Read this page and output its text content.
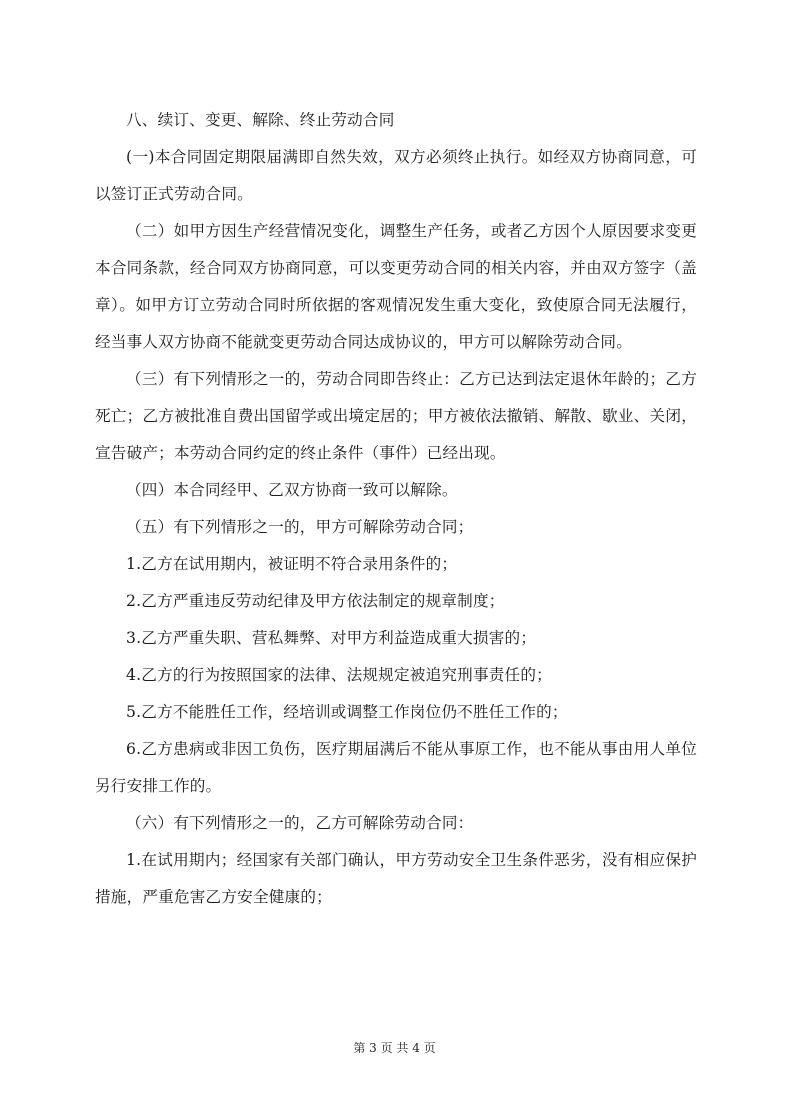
八、续订、变更、解除、终止劳动合同

(一)本合同固定期限届满即自然失效，双方必须终止执行。如经双方协商同意，可以签订正式劳动合同。

（二）如甲方因生产经营情况变化，调整生产任务，或者乙方因个人原因要求变更本合同条款，经合同双方协商同意，可以变更劳动合同的相关内容，并由双方签字（盖章）。如甲方订立劳动合同时所依据的客观情况发生重大变化，致使原合同无法履行，经当事人双方协商不能就变更劳动合同达成协议的，甲方可以解除劳动合同。

（三）有下列情形之一的，劳动合同即告终止：乙方已达到法定退休年龄的；乙方死亡；乙方被批准自费出国留学或出境定居的；甲方被依法撤销、解散、歇业、关闭，宣告破产；本劳动合同约定的终止条件（事件）已经出现。

（四）本合同经甲、乙双方协商一致可以解除。

（五）有下列情形之一的，甲方可解除劳动合同；

1.乙方在试用期内，被证明不符合录用条件的；

2.乙方严重违反劳动纪律及甲方依法制定的规章制度；

3.乙方严重失职、营私舞弊、对甲方利益造成重大损害的；

4.乙方的行为按照国家的法律、法规规定被追究刑事责任的；

5.乙方不能胜任工作，经培训或调整工作岗位仍不胜任工作的；

6.乙方患病或非因工负伤，医疗期届满后不能从事原工作，也不能从事由用人单位另行安排工作的。

（六）有下列情形之一的，乙方可解除劳动合同：

1.在试用期内；经国家有关部门确认，甲方劳动安全卫生条件恶劣，没有相应保护措施，严重危害乙方安全健康的；

第 3 页 共 4 页
